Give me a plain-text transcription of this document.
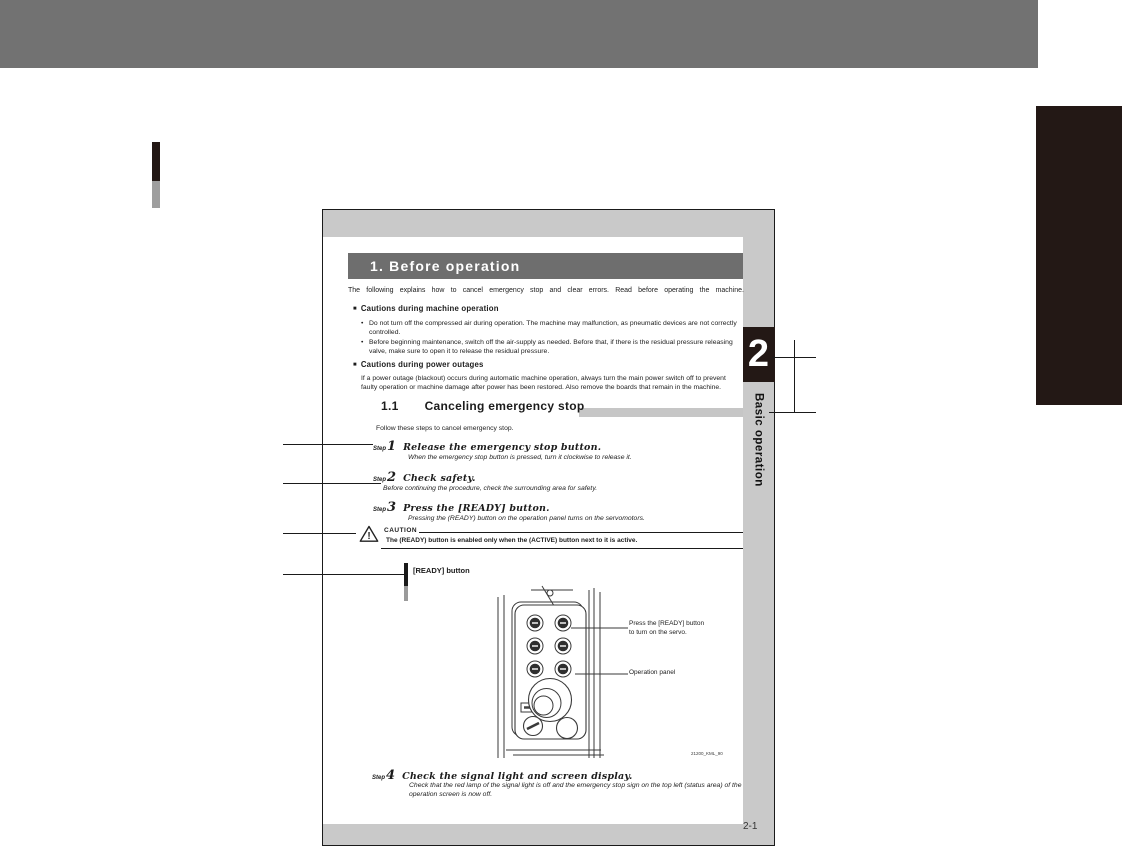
1. Before operation
The following explains how to cancel emergency stop and clear errors. Read before operating the machine.
■ Cautions during machine operation
• Do not turn off the compressed air during operation. The machine may malfunction, as pneumatic devices are not correctly controlled.
• Before beginning maintenance, switch off the air-supply as needed. Before that, if there is the residual pressure releasing valve, make sure to open it to release the residual pressure.
■ Cautions during power outages
If a power outage (blackout) occurs during automatic machine operation, always turn the main power switch off to prevent faulty operation or machine damage after power has been restored. Also remove the boards that remain in the machine.
1.1 Canceling emergency stop
Follow these steps to cancel emergency stop.
Step 1 Release the emergency stop button.
When the emergency stop button is pressed, turn it clockwise to release it.
Step 2 Check safety.
Before continuing the procedure, check the surrounding area for safety.
Step 3 Press the [READY] button.
Pressing the (READY) button on the operation panel turns on the servomotors.
!
CAUTION
The (READY) button is enabled only when the (ACTIVE) button next to it is active.
[READY] button
Press the [READY] button
to turn on the servo.
Operation panel
21200_KML_90
Step 4 Check the signal light and screen display.
Check that the red lamp of the signal light is off and the emergency stop sign on the top left (status area) of the operation screen is now off.
2-1
2
Basic operation
